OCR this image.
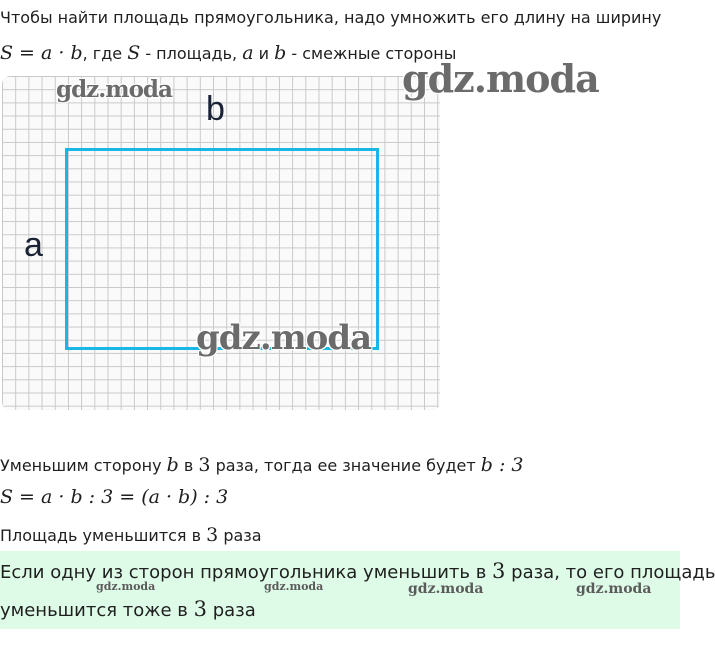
Чтобы найти площадь прямоугольника, надо умножить его длину на ширину
S = a · b, где S - площадь, a и b - смежные стороны
b
a
gdz.moda
gdz.moda
gdz.moda
Уменьшим сторону b в 3 раза, тогда ее значение будет b : 3
S = a · b : 3 = (a · b) : 3
Площадь уменьшится в 3 раза
Если одну из сторон прямоугольника уменьшить в 3 раза, то его площадь
уменьшится тоже в 3 раза
gdz.moda	gdz.moda	gdz.moda	gdz.moda
